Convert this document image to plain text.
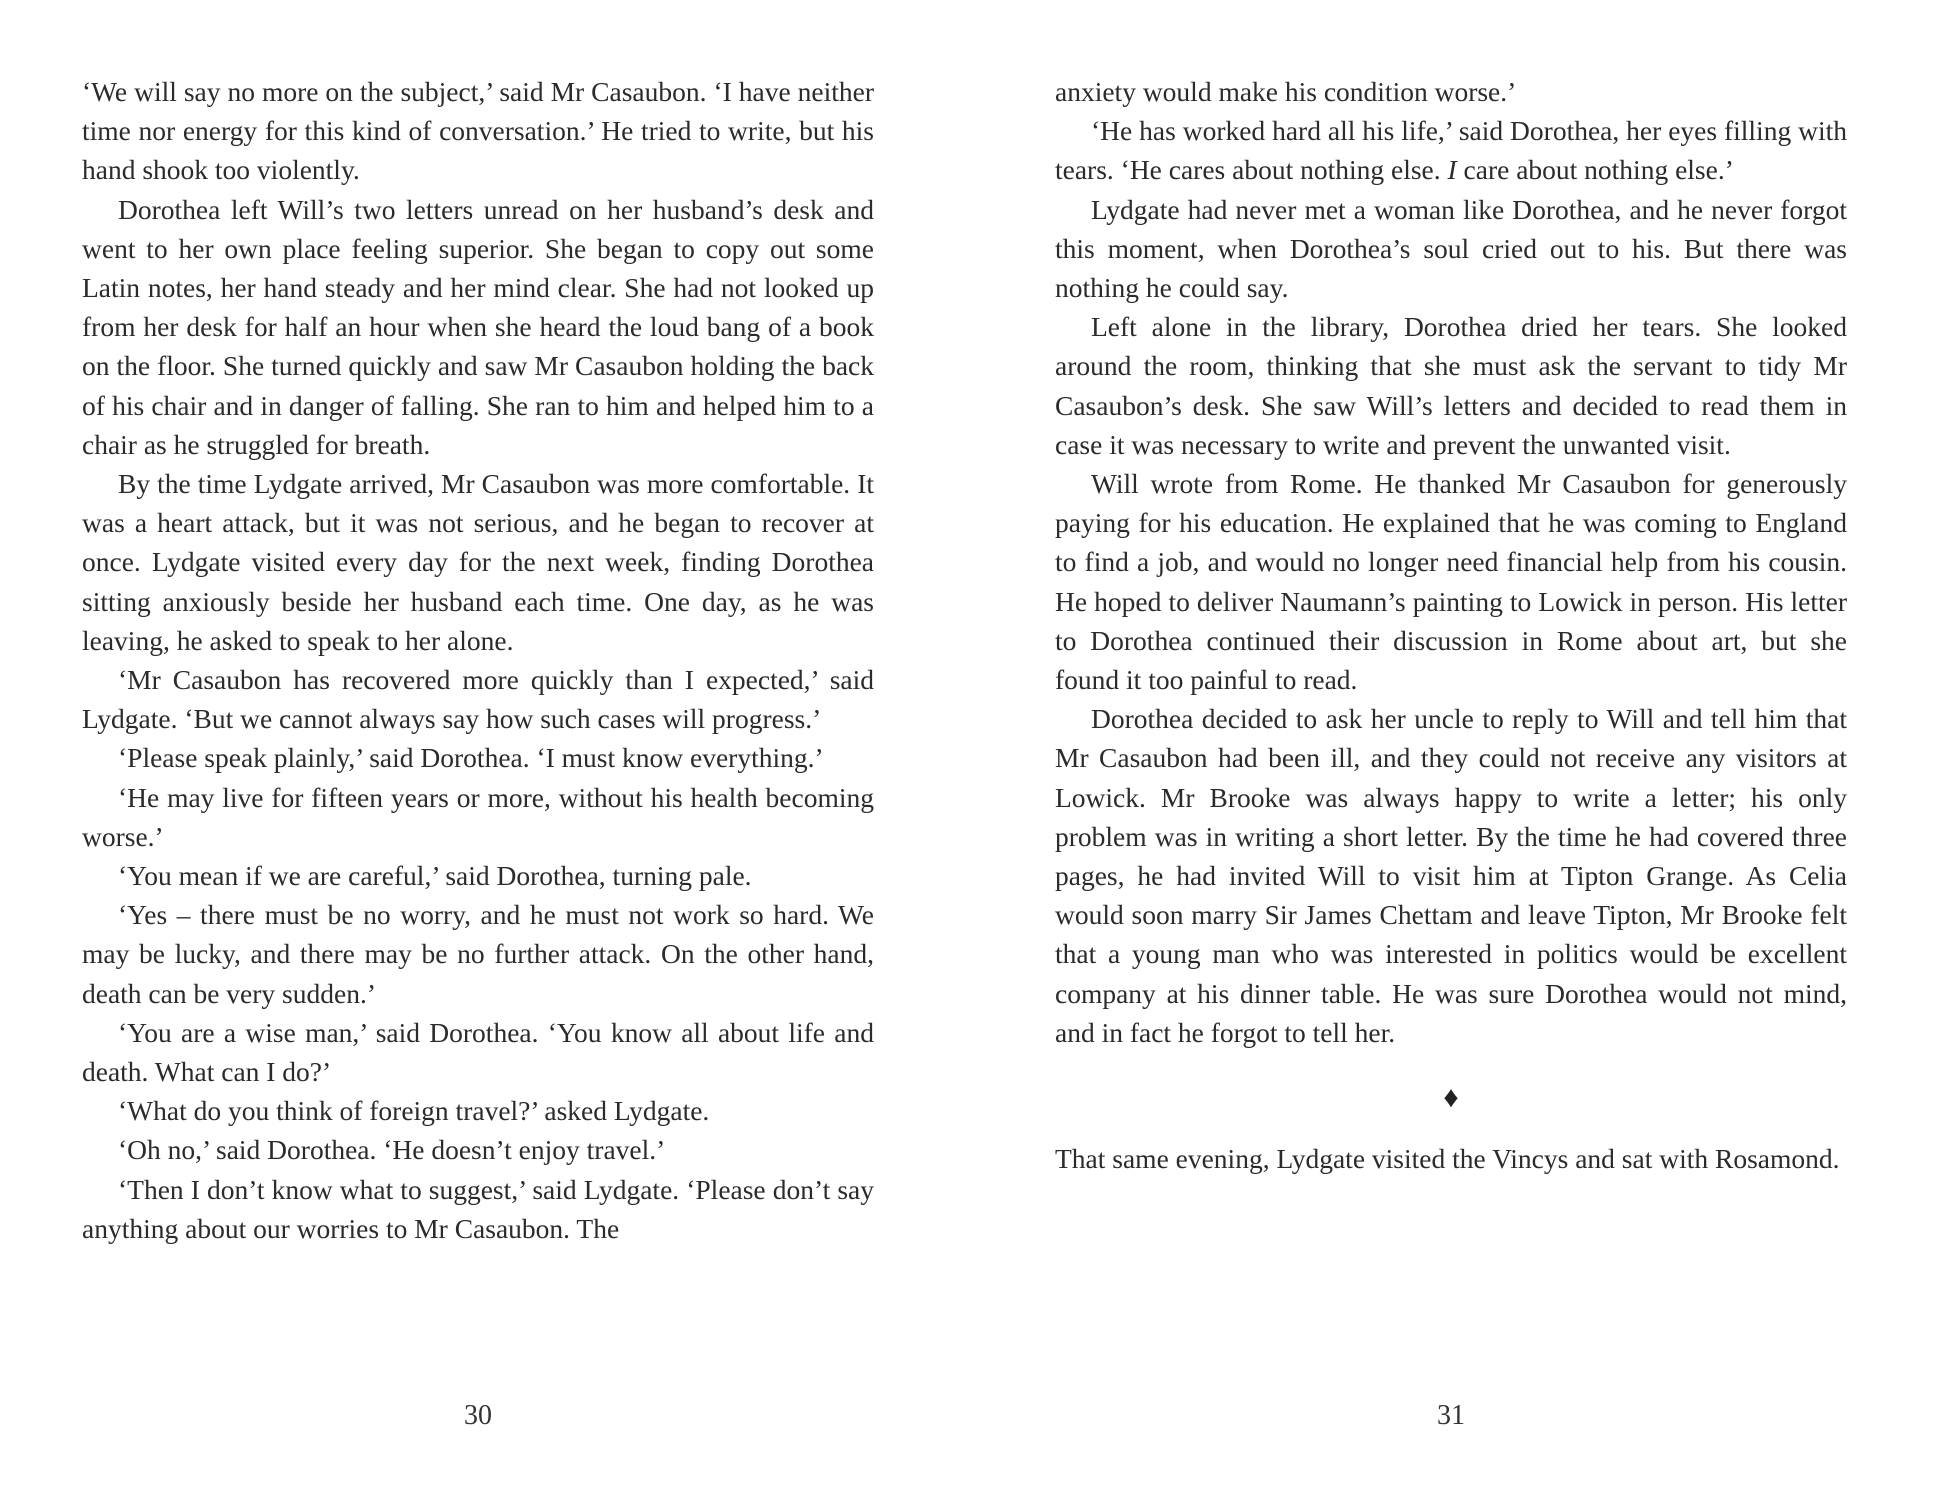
‘We will say no more on the subject,’ said Mr Casaubon. ‘I have neither time nor energy for this kind of conversation.’ He tried to write, but his hand shook too violently.

Dorothea left Will’s two letters unread on her husband’s desk and went to her own place feeling superior. She began to copy out some Latin notes, her hand steady and her mind clear. She had not looked up from her desk for half an hour when she heard the loud bang of a book on the floor. She turned quickly and saw Mr Casaubon holding the back of his chair and in danger of falling. She ran to him and helped him to a chair as he struggled for breath.

By the time Lydgate arrived, Mr Casaubon was more comfortable. It was a heart attack, but it was not serious, and he began to recover at once. Lydgate visited every day for the next week, finding Dorothea sitting anxiously beside her husband each time. One day, as he was leaving, he asked to speak to her alone.

‘Mr Casaubon has recovered more quickly than I expected,’ said Lydgate. ‘But we cannot always say how such cases will progress.’

‘Please speak plainly,’ said Dorothea. ‘I must know everything.’

‘He may live for fifteen years or more, without his health becoming worse.’

‘You mean if we are careful,’ said Dorothea, turning pale.

‘Yes – there must be no worry, and he must not work so hard. We may be lucky, and there may be no further attack. On the other hand, death can be very sudden.’

‘You are a wise man,’ said Dorothea. ‘You know all about life and death. What can I do?’

‘What do you think of foreign travel?’ asked Lydgate.

‘Oh no,’ said Dorothea. ‘He doesn’t enjoy travel.’

‘Then I don’t know what to suggest,’ said Lydgate. ‘Please don’t say anything about our worries to Mr Casaubon. The

30

anxiety would make his condition worse.’

‘He has worked hard all his life,’ said Dorothea, her eyes filling with tears. ‘He cares about nothing else. I care about nothing else.’

Lydgate had never met a woman like Dorothea, and he never forgot this moment, when Dorothea’s soul cried out to his. But there was nothing he could say.

Left alone in the library, Dorothea dried her tears. She looked around the room, thinking that she must ask the servant to tidy Mr Casaubon’s desk. She saw Will’s letters and decided to read them in case it was necessary to write and prevent the unwanted visit.

Will wrote from Rome. He thanked Mr Casaubon for generously paying for his education. He explained that he was coming to England to find a job, and would no longer need financial help from his cousin. He hoped to deliver Naumann’s painting to Lowick in person. His letter to Dorothea continued their discussion in Rome about art, but she found it too painful to read.

Dorothea decided to ask her uncle to reply to Will and tell him that Mr Casaubon had been ill, and they could not receive any visitors at Lowick. Mr Brooke was always happy to write a letter; his only problem was in writing a short letter. By the time he had covered three pages, he had invited Will to visit him at Tipton Grange. As Celia would soon marry Sir James Chettam and leave Tipton, Mr Brooke felt that a young man who was interested in politics would be excellent company at his dinner table. He was sure Dorothea would not mind, and in fact he forgot to tell her.

♦

That same evening, Lydgate visited the Vincys and sat with Rosamond.

31
